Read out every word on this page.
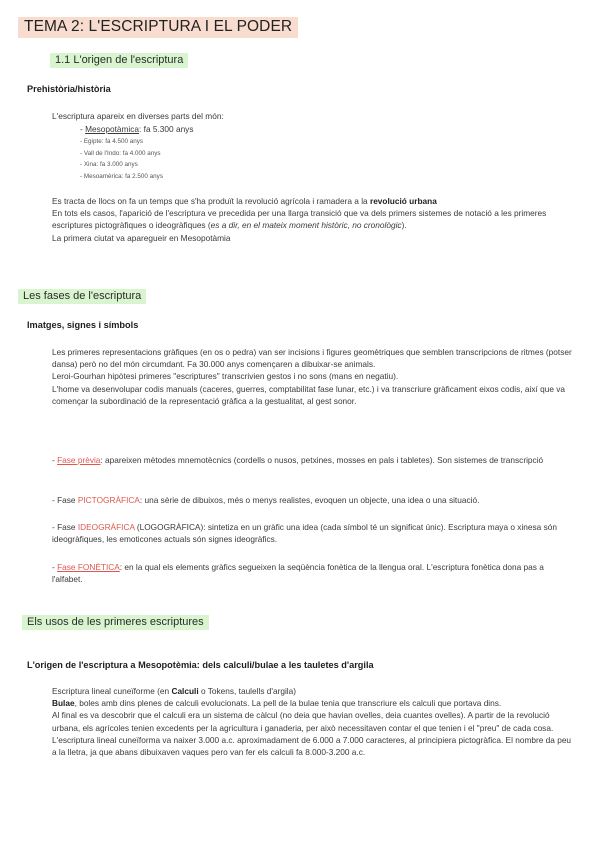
TEMA 2: L'ESCRIPTURA I EL PODER
1.1 L'origen de l'escriptura
Prehistòria/història
L'escriptura apareix en diverses parts del món:
- Mesopotàmica: fa 5.300 anys
- Egipte: fa 4.500 anys
- Vall de l'Indo: fa 4.000 anys
- Xina: fa 3.000 anys
- Mesoamèrica: fa 2.500 anys
Es tracta de llocs on fa un temps que s'ha produït la revolució agrícola i ramadera a la revolució urbana
En tots els casos, l'aparició de l'escriptura ve precedida per una llarga transició que va dels primers sistemes de notació a les primeres escriptures pictogràfiques o ideogràfiques (es a dir, en el mateix moment històric, no cronològic).
La primera ciutat va aparegueir en Mesopotàmia
Les fases de l'escriptura
Imatges, signes i símbols
Les primeres representacions gràfiques (en os o pedra) van ser incisions i figures geomètriques que semblen transcripcions de ritmes (potser dansa) però no del món circumdant. Fa 30.000 anys començaren a dibuixar-se animals.
Leroi-Gourhan hipòtesi primeres "escriptures" transcrivien gestos i no sons (mans en negatiu).
L'home va desenvolupar codis manuals (caceres, guerres, comptabilitat fase lunar, etc.) i va transcriure gràficament eixos codis, així que va començar la subordinació de la representació gràfica a la gestualitat, al gest sonor.
- Fase prèvia: apareixen mètodes mnemotècnics (cordells o nusos, petxines, mosses en pals i tabletes). Son sistemes de transcripció
- Fase PICTOGRÀFICA: una sèrie de dibuixos, més o menys realistes, evoquen un objecte, una idea o una situació.
- Fase IDEOGRÀFICA (LOGOGRÀFICA): sintetiza en un gràfic una idea (cada símbol té un significat únic). Escriptura maya o xinesa són ideogràfiques, les emoticones actuals són signes ideogràfics.
- Fase FONÈTICA: en la qual els elements gràfics segueixen la seqüència fonètica de la llengua oral. L'escriptura fonètica dona pas a l'alfabet.
Els usos de les primeres escriptures
L'origen de l'escriptura a Mesopotèmia: dels calculi/bulae a les tauletes d'argila
Escriptura lineal cuneïforme (en Calculi o Tokens, taulells d'argila)
Bulae, boles amb dins plenes de calculi evolucionats. La pell de la bulae tenia que transcriure els calculi que portava dins.
Al final es va descobrir que el calculi era un sistema de càlcul (no deia que havian ovelles, deia cuantes ovelles). A partir de la revolució urbana, els agrícoles tenien excedents per la agricultura i ganaderia, per això necessitaven contar el que tenien i el "preu" de cada cosa.
L'escriptura lineal cuneïforma va naixer 3.000 a.c. aproximadament de 6.000 a 7.000 caracteres, al principiera pictogràfica. El nombre da peu a la lletra, ja que abans dibuixaven vaques pero van fer els calculi fa 8.000-3.200 a.c.
